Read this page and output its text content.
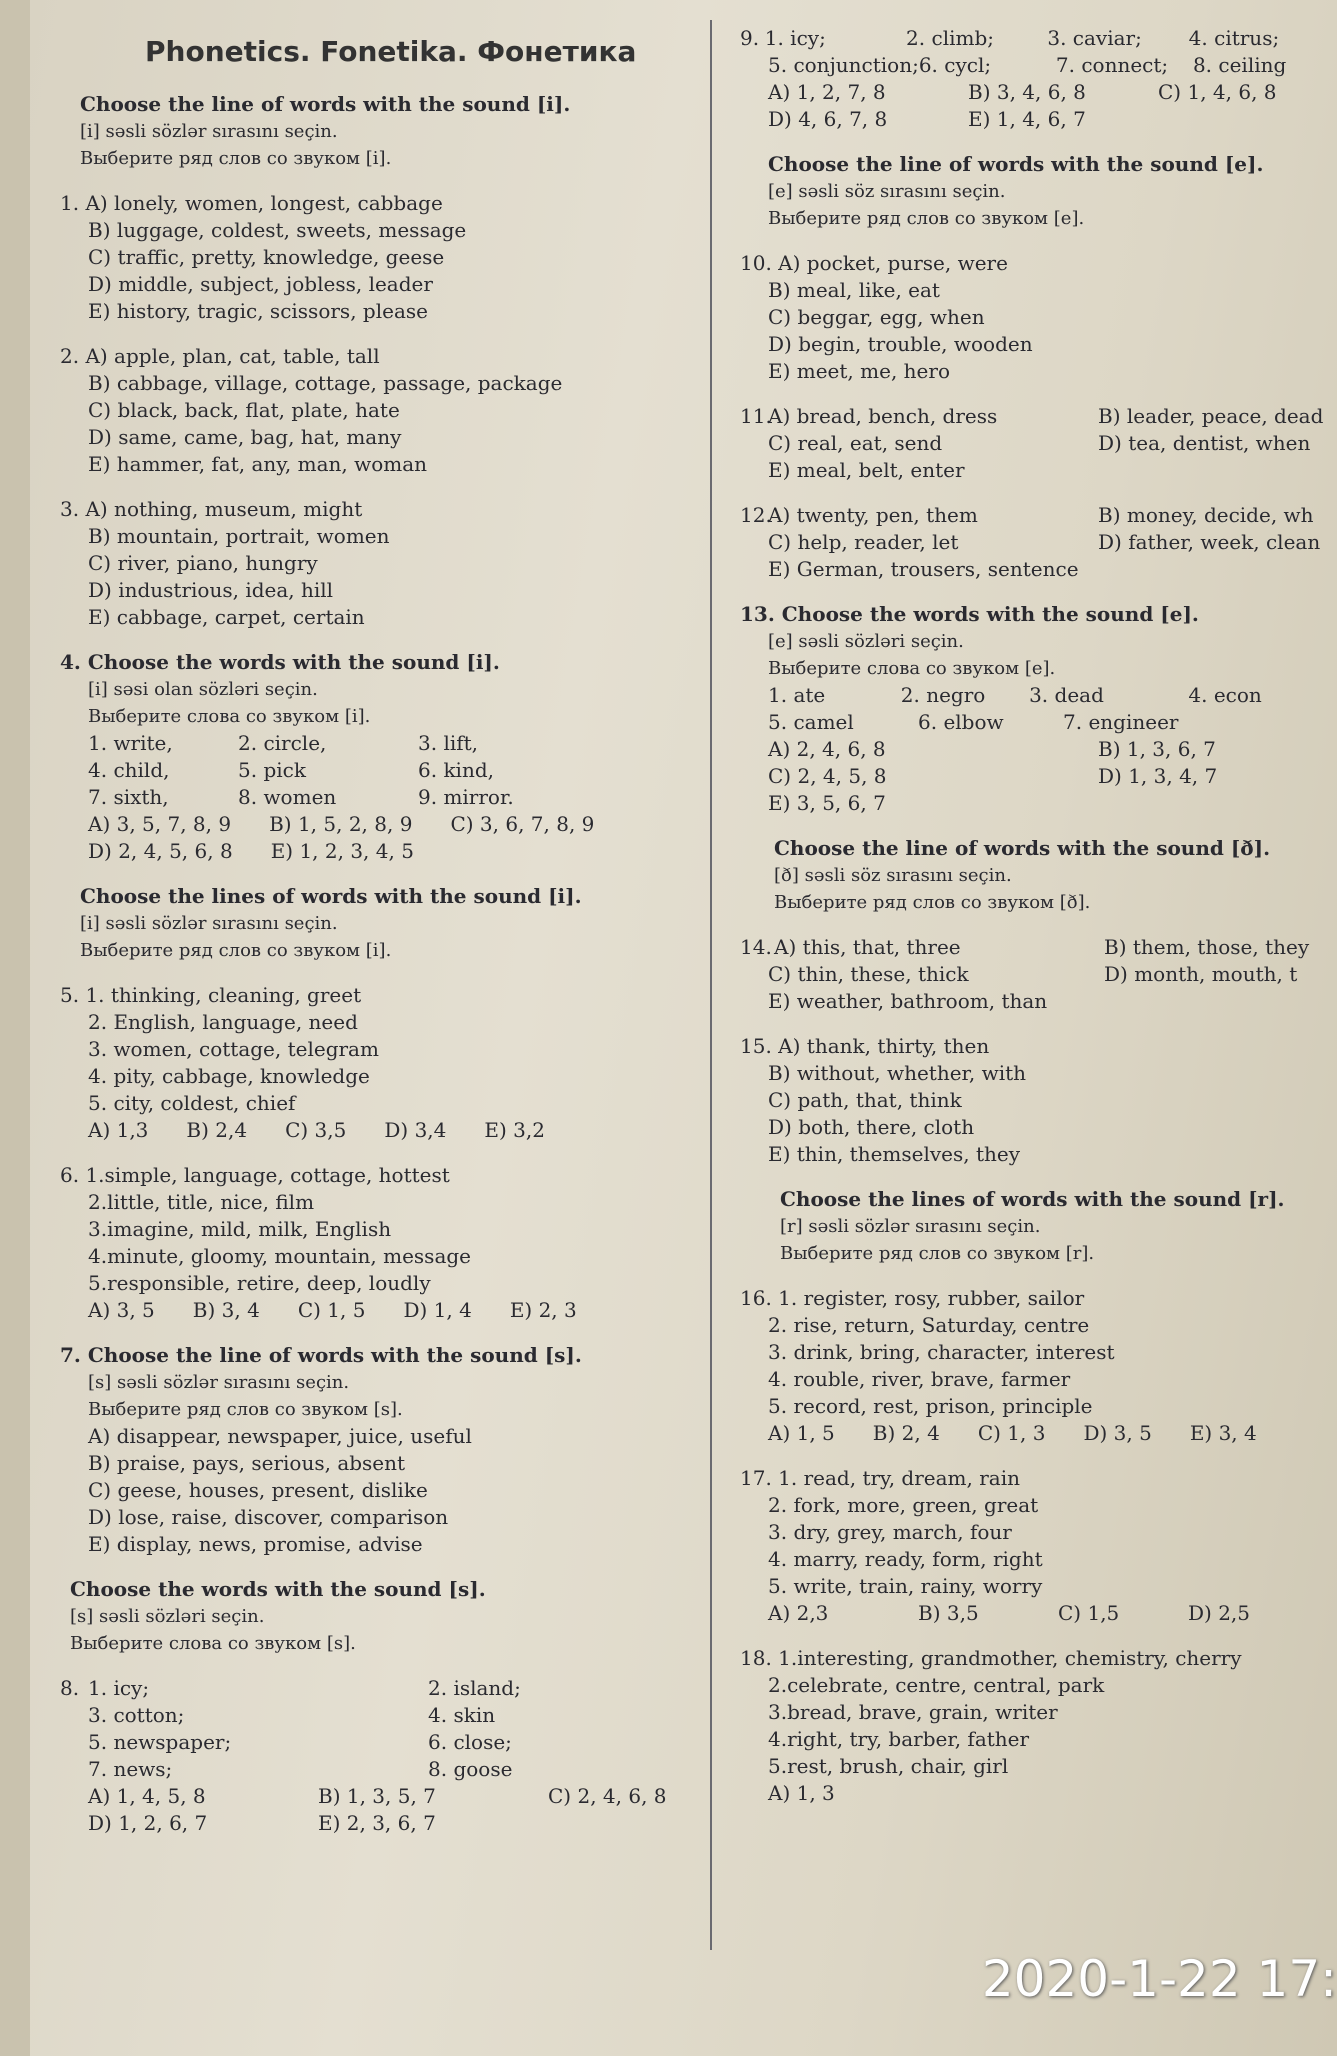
Phonetics. Fonetika. Фонетика
Choose the line of words with the sound [i].
[i] səsli sözlər sırasını seçin.
Выберите ряд слов со звуком [i].
1. A) lonely, women, longest, cabbage
B) luggage, coldest, sweets, message
C) traffic, pretty, knowledge, geese
D) middle, subject, jobless, leader
E) history, tragic, scissors, please
2. A) apple, plan, cat, table, tall
B) cabbage, village, cottage, passage, package
C) black, back, flat, plate, hate
D) same, came, bag, hat, many
E) hammer, fat, any, man, woman
3. A) nothing, museum, might
B) mountain, portrait, women
C) river, piano, hungry
D) industrious, idea, hill
E) cabbage, carpet, certain
4. Choose the words with the sound [i].
[i] səsi olan sözləri seçin.
Выберите слова со звуком [i].
1. write,	2. circle,	3. lift,
4. child,	5. pick	6. kind,
7. sixth,	8. women	9. mirror.
A) 3, 5, 7, 8, 9 B) 1, 5, 2, 8, 9 C) 3, 6, 7, 8, 9
D) 2, 4, 5, 6, 8 E) 1, 2, 3, 4, 5
Choose the lines of words with the sound [i].
[i] səsli sözlər sırasını seçin.
Выберите ряд слов со звуком [i].
5. 1. thinking, cleaning, greet
2. English, language, need
3. women, cottage, telegram
4. pity, cabbage, knowledge
5. city, coldest, chief
A) 1,3 B) 2,4 C) 3,5 D) 3,4 E) 3,2
6. 1.simple, language, cottage, hottest
2.little, title, nice, film
3.imagine, mild, milk, English
4.minute, gloomy, mountain, message
5.responsible, retire, deep, loudly
A) 3, 5 B) 3, 4 C) 1, 5 D) 1, 4 E) 2, 3
7. Choose the line of words with the sound [s].
[s] səsli sözlər sırasını seçin.
Выберите ряд слов со звуком [s].
A) disappear, newspaper, juice, useful
B) praise, pays, serious, absent
C) geese, houses, present, dislike
D) lose, raise, discover, comparison
E) display, news, promise, advise
Choose the words with the sound [s].
[s] səsli sözləri seçin.
Выберите слова со звуком [s].
8. 1. icy;	2. island;
3. cotton;	4. skin
5. newspaper;	6. close;
7. news;	8. goose
A) 1, 4, 5, 8	B) 1, 3, 5, 7	C) 2, 4, 6, 8
D) 1, 2, 6, 7	E) 2, 3, 6, 7
9. 1. icy;	2. climb;	3. caviar;	4. citrus;
5. conjunction; 6. cycl;	7. connect;	8. ceiling
A) 1, 2, 7, 8	B) 3, 4, 6, 8	C) 1, 4, 6, 8
D) 4, 6, 7, 8	E) 1, 4, 6, 7
Choose the line of words with the sound [e].
[e] səsli söz sırasını seçin.
Выберите ряд слов со звуком [e].
10. A) pocket, purse, were
B) meal, like, eat
C) beggar, egg, when
D) begin, trouble, wooden
E) meet, me, hero
11.
A) bread, bench, dress	B) leader, peace, dead
C) real, eat, send	D) tea, dentist, when
E) meal, belt, enter
12.
A) twenty, pen, them	B) money, decide, wh
C) help, reader, let	D) father, week, clean
E) German, trousers, sentence
13. Choose the words with the sound [e].
[e] səsli sözləri seçin.
Выберите слова со звуком [e].
1. ate	2. negro	3. dead	4. econ
5. camel	6. elbow	7. engineer
A) 2, 4, 6, 8	B) 1, 3, 6, 7
C) 2, 4, 5, 8	D) 1, 3, 4, 7
E) 3, 5, 6, 7
Choose the line of words with the sound [ð].
[ð] səsli söz sırasını seçin.
Выберите ряд слов со звуком [ð].
14. A) this, that, three	B) them, those, they
C) thin, these, thick	D) month, mouth, t
E) weather, bathroom, than
15. A) thank, thirty, then
B) without, whether, with
C) path, that, think
D) both, there, cloth
E) thin, themselves, they
Choose the lines of words with the sound [r].
[r] səsli sözlər sırasını seçin.
Выберите ряд слов со звуком [r].
16. 1. register, rosy, rubber, sailor
2. rise, return, Saturday, centre
3. drink, bring, character, interest
4. rouble, river, brave, farmer
5. record, rest, prison, principle
A) 1, 5 B) 2, 4 C) 1, 3 D) 3, 5 E) 3, 4
17. 1. read, try, dream, rain
2. fork, more, green, great
3. dry, grey, march, four
4. marry, ready, form, right
5. write, train, rainy, worry
A) 2,3	B) 3,5	C) 1,5	D) 2,5
18. 1.interesting, grandmother, chemistry, cherry
2.celebrate, centre, central, park
3.bread, brave, grain, writer
4.right, try, barber, father
5.rest, brush, chair, girl
A) 1, 3
2020-1-22 17:
